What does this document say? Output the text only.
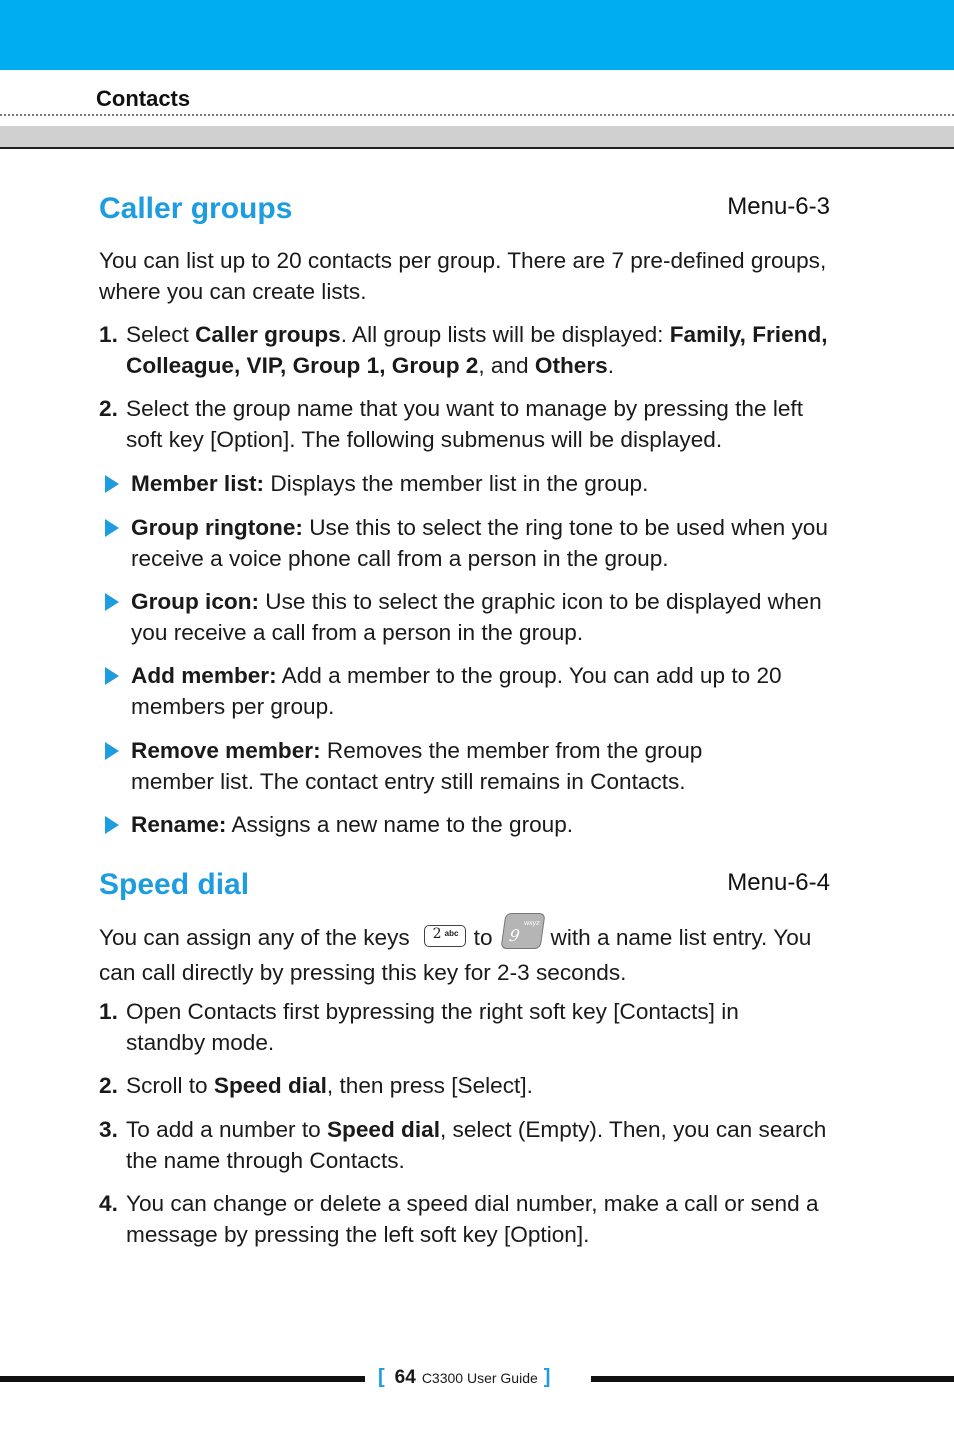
Contacts
Caller groups	Menu-6-3

You can list up to 20 contacts per group. There are 7 pre-defined groups, where you can create lists.

1. Select Caller groups. All group lists will be displayed: Family, Friend, Colleague, VIP, Group 1, Group 2, and Others.

2. Select the group name that you want to manage by pressing the left soft key [Option]. The following submenus will be displayed.

Member list: Displays the member list in the group.

Group ringtone: Use this to select the ring tone to be used when you receive a voice phone call from a person in the group.

Group icon: Use this to select the graphic icon to be displayed when you receive a call from a person in the group.

Add member: Add a member to the group. You can add up to 20 members per group.

Remove member: Removes the member from the group member list. The contact entry still remains in Contacts.

Rename: Assigns a new name to the group.

Speed dial	Menu-6-4

You can assign any of the keys 2 abc to 9
wxyz
with a name list entry. You can call directly by pressing this key for 2-3 seconds.

1. Open Contacts first bypressing the right soft key [Contacts] in standby mode.

2. Scroll to Speed dial, then press [Select].

3. To add a number to Speed dial, select (Empty). Then, you can search the name through Contacts.

4. You can change or delete a speed dial number, make a call or send a message by pressing the left soft key [Option].

[ 64 C3300 User Guide ]
